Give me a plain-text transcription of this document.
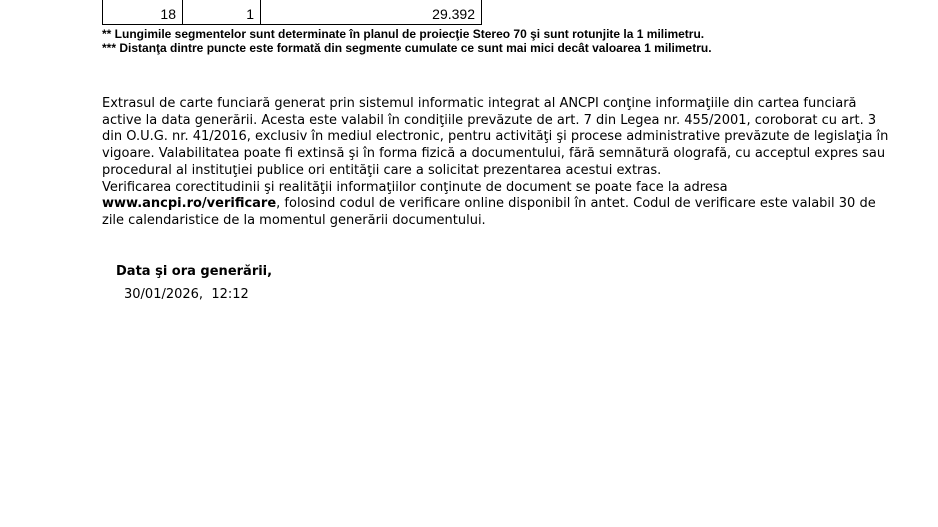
18	1	29.392
** Lungimile segmentelor sunt determinate în planul de proiecţie Stereo 70 şi sunt rotunjite la 1 milimetru.
*** Distanţa dintre puncte este formată din segmente cumulate ce sunt mai mici decât valoarea 1 milimetru.

Extrasul de carte funciară generat prin sistemul informatic integrat al ANCPI conţine informaţiile din cartea funciară active la data generării. Acesta este valabil în condiţiile prevăzute de art. 7 din Legea nr. 455/2001, coroborat cu art. 3 din O.U.G. nr. 41/2016, exclusiv în mediul electronic, pentru activităţi şi procese administrative prevăzute de legislaţia în vigoare. Valabilitatea poate fi extinsă şi în forma fizică a documentului, fără semnătură olografă, cu acceptul expres sau procedural al instituţiei publice ori entităţii care a solicitat prezentarea acestui extras.

Verificarea corectitudinii şi realităţii informaţiilor conţinute de document se poate face la adresa
www.ancpi.ro/verificare, folosind codul de verificare online disponibil în antet. Codul de verificare este valabil 30 de zile calendaristice de la momentul generării documentului.

Data şi ora generării,
30/01/2026,  12:12
